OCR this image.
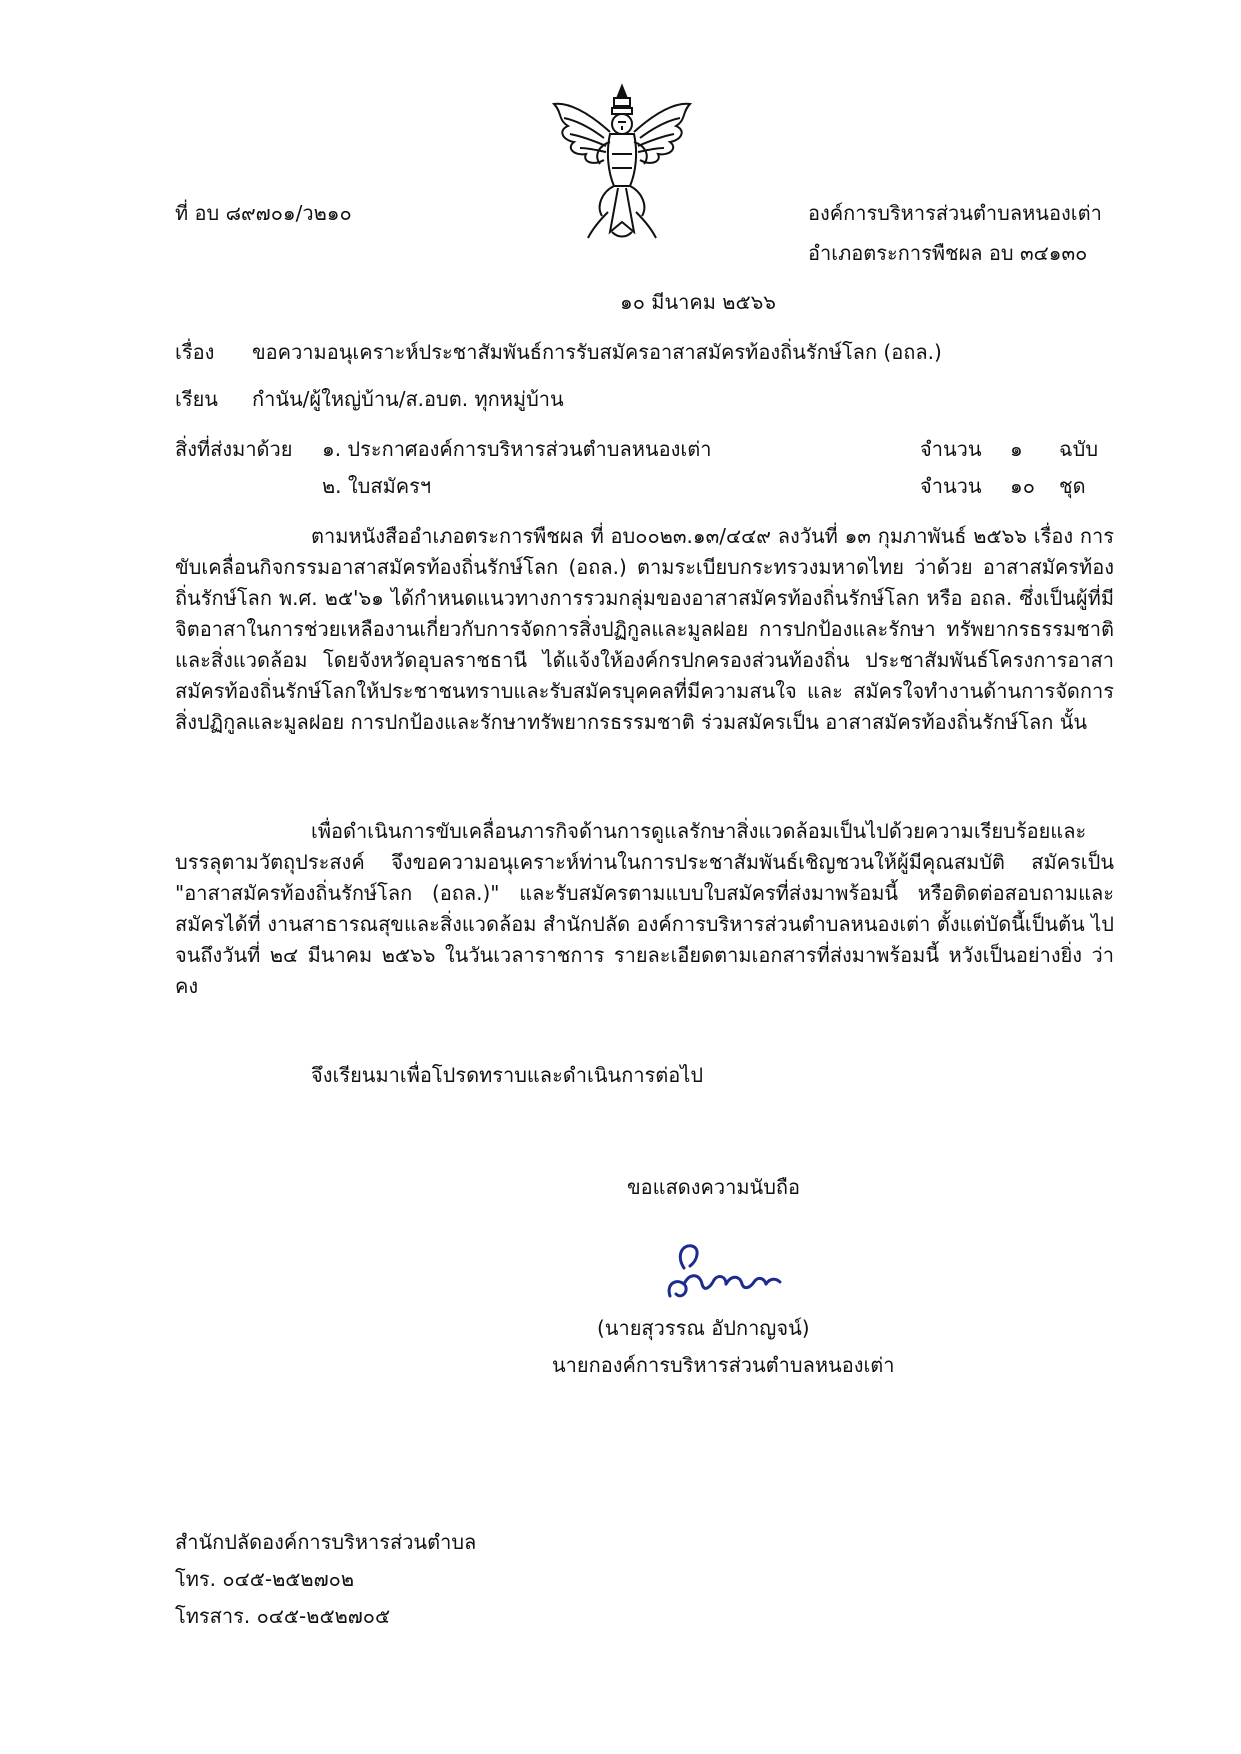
ที่ อบ ๘๙๗๐๑/ว๒๑๐	องค์การบริหารส่วนตำบลหนองเต่า
อำเภอตระการพืชผล อบ ๓๔๑๓๐
๑๐ มีนาคม ๒๕๖๖
เรื่อง ขอความอนุเคราะห์ประชาสัมพันธ์การรับสมัครอาสาสมัครท้องถิ่นรักษ์โลก (อถล.)
เรียน กำนัน/ผู้ใหญ่บ้าน/ส.อบต. ทุกหมู่บ้าน
สิ่งที่ส่งมาด้วย ๑. ประกาศองค์การบริหารส่วนตำบลหนองเต่า	จำนวน ๑ ฉบับ
๒. ใบสมัครฯ	จำนวน ๑๐ ชุด

ตามหนังสืออำเภอตระการพืชผล ที่ อบ๐๐๒๓.๑๓/๔๔๙ ลงวันที่ ๑๓ กุมภาพันธ์ ๒๕๖๖ เรื่อง การขับเคลื่อนกิจกรรมอาสาสมัครท้องถิ่นรักษ์โลก (อถล.) ตามระเบียบกระทรวงมหาดไทย ว่าด้วย อาสาสมัครท้องถิ่นรักษ์โลก พ.ศ. ๒๕'๖๑ ได้กำหนดแนวทางการรวมกลุ่มของอาสาสมัครท้องถิ่นรักษ์โลก หรือ อถล. ซึ่งเป็นผู้ที่มีจิตอาสาในการช่วยเหลืองานเกี่ยวกับการจัดการสิ่งปฏิกูลและมูลฝอย การปกป้องและรักษา ทรัพยากรธรรมชาติและสิ่งแวดล้อม โดยจังหวัดอุบลราชธานี ได้แจ้งให้องค์กรปกครองส่วนท้องถิ่น ประชาสัมพันธ์โครงการอาสาสมัครท้องถิ่นรักษ์โลกให้ประชาชนทราบและรับสมัครบุคคลที่มีความสนใจ และ สมัครใจทำงานด้านการจัดการสิ่งปฏิกูลและมูลฝอย การปกป้องและรักษาทรัพยากรธรรมชาติ ร่วมสมัครเป็น อาสาสมัครท้องถิ่นรักษ์โลก นั้น

เพื่อดำเนินการขับเคลื่อนภารกิจด้านการดูแลรักษาสิ่งแวดล้อมเป็นไปด้วยความเรียบร้อยและ บรรลุตามวัตถุประสงค์ จึงขอความอนุเคราะห์ท่านในการประชาสัมพันธ์เชิญชวนให้ผู้มีคุณสมบัติ สมัครเป็น "อาสาสมัครท้องถิ่นรักษ์โลก (อถล.)" และรับสมัครตามแบบใบสมัครที่ส่งมาพร้อมนี้ หรือติดต่อสอบถามและ สมัครได้ที่ งานสาธารณสุขและสิ่งแวดล้อม สำนักปลัด องค์การบริหารส่วนตำบลหนองเต่า ตั้งแต่บัดนี้เป็นต้น ไป จนถึงวันที่ ๒๔ มีนาคม ๒๕๖๖ ในวันเวลาราชการ รายละเอียดตามเอกสารที่ส่งมาพร้อมนี้ หวังเป็นอย่างยิ่ง ว่าคง

จึงเรียนมาเพื่อโปรดทราบและดำเนินการต่อไป
ขอแสดงความนับถือ
(นายสุวรรณ อัปกาญจน์)
นายกองค์การบริหารส่วนตำบลหนองเต่า
สำนักปลัดองค์การบริหารส่วนตำบล
โทร. ๐๔๕-๒๕๒๗๐๒
โทรสาร. ๐๔๕-๒๕๒๗๐๕
